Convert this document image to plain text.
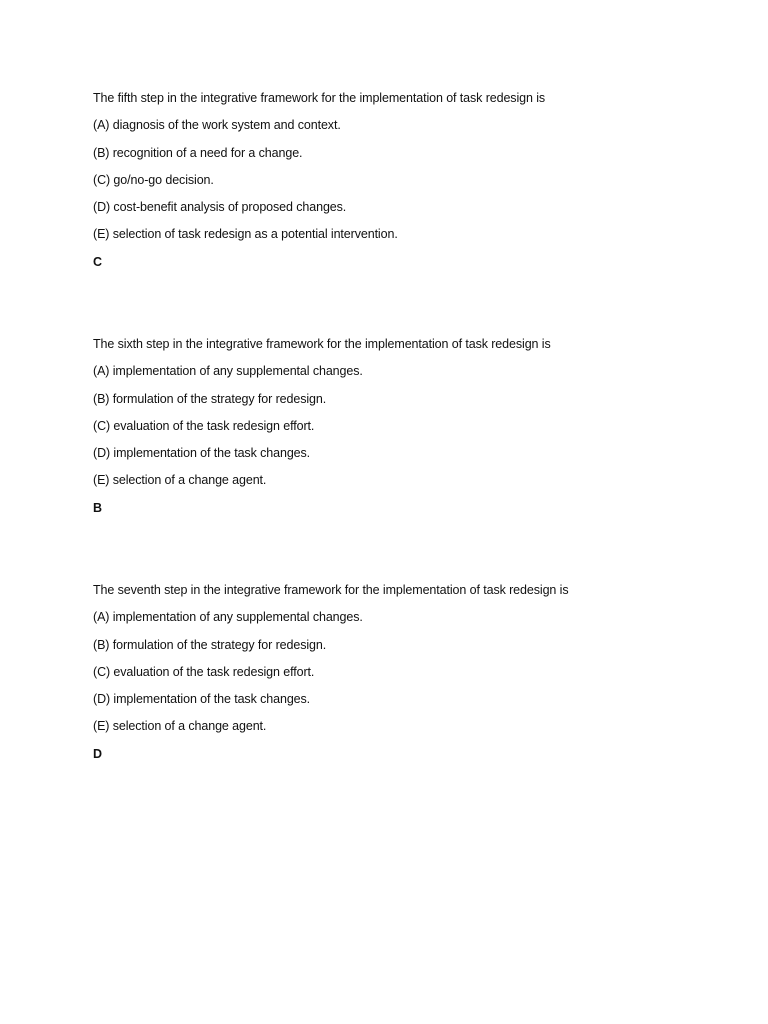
The fifth step in the integrative framework for the implementation of task redesign is
(A) diagnosis of the work system and context.
(B) recognition of a need for a change.
(C) go/no-go decision.
(D) cost-benefit analysis of proposed changes.
(E) selection of task redesign as a potential intervention.
C
The sixth step in the integrative framework for the implementation of task redesign is
(A) implementation of any supplemental changes.
(B) formulation of the strategy for redesign.
(C) evaluation of the task redesign effort.
(D) implementation of the task changes.
(E) selection of a change agent.
B
The seventh step in the integrative framework for the implementation of task redesign is
(A) implementation of any supplemental changes.
(B) formulation of the strategy for redesign.
(C) evaluation of the task redesign effort.
(D) implementation of the task changes.
(E) selection of a change agent.
D
